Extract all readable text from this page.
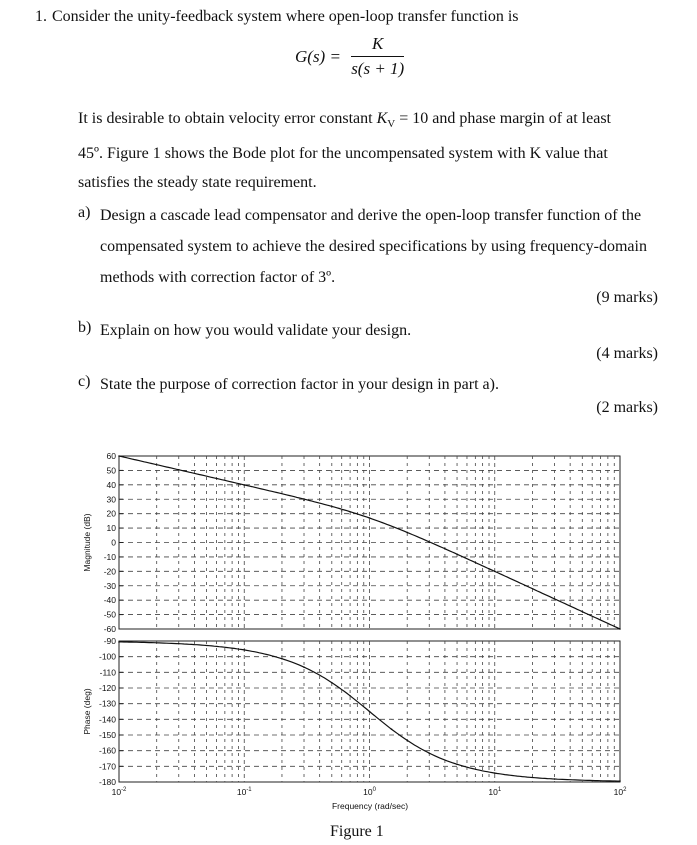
1. Consider the unity-feedback system where open-loop transfer function is
$G(s) = \frac{K}{s(s + 1)}$
It is desirable to obtain velocity error constant $K_V = 10$ and phase margin of at least
45º. Figure 1 shows the Bode plot for the uncompensated system with K value that
satisfies the steady state requirement.
a) Design a cascade lead compensator and derive the open-loop transfer function of the
compensated system to achieve the desired specifications by using frequency-domain
methods with correction factor of 3º.
(9 marks)
b) Explain on how you would validate your design.
(4 marks)
c) State the purpose of correction factor in your design in part a).
(2 marks)
60
50
40
30
20
10
0
-10
-20
-30
-40
-50
-60
Magnitude (dB)
-90
-100
-110
-120
-130
-140
-150
-160
-170
-180
Phase (deg)
$10^{-2}$	$10^{-1}$	$10^0$	$10^1$	$10^2$
Frequency (rad/sec)
Figure 1
